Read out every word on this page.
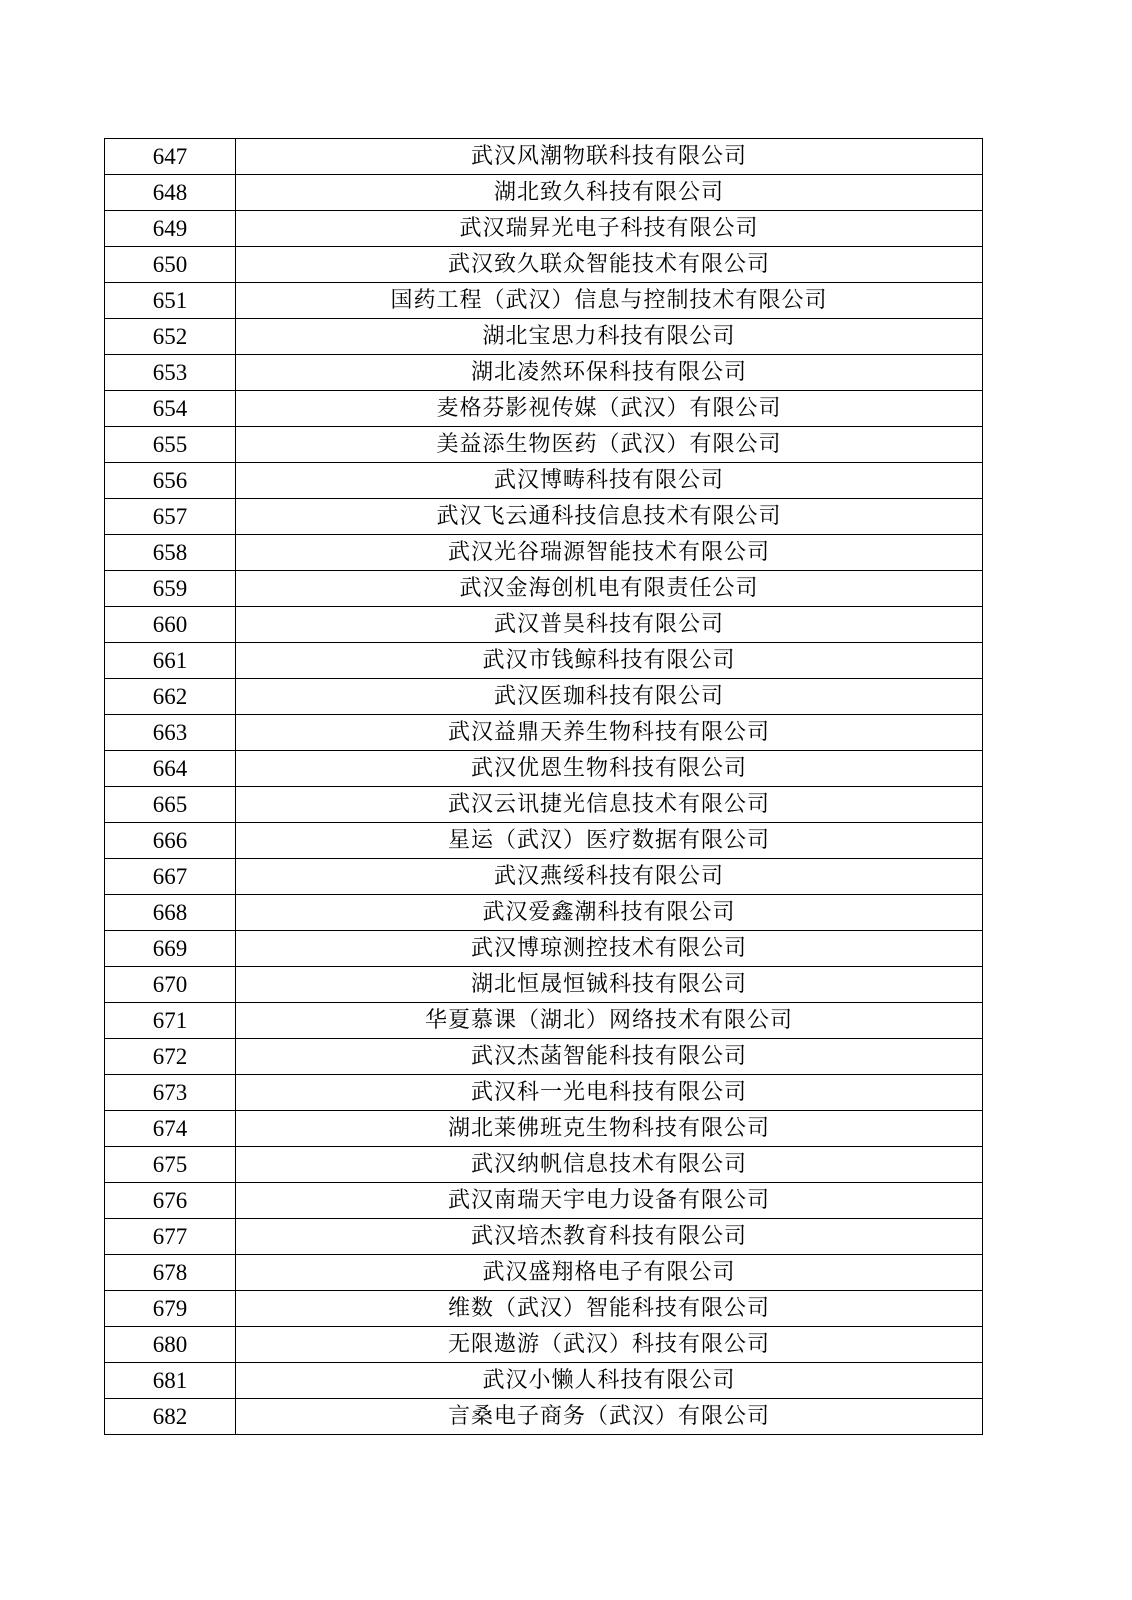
647	武汉风潮物联科技有限公司
648	湖北致久科技有限公司
649	武汉瑞昇光电子科技有限公司
650	武汉致久联众智能技术有限公司
651	国药工程（武汉）信息与控制技术有限公司
652	湖北宝思力科技有限公司
653	湖北凌然环保科技有限公司
654	麦格芬影视传媒（武汉）有限公司
655	美益添生物医药（武汉）有限公司
656	武汉博畴科技有限公司
657	武汉飞云通科技信息技术有限公司
658	武汉光谷瑞源智能技术有限公司
659	武汉金海创机电有限责任公司
660	武汉普昊科技有限公司
661	武汉市钱鲸科技有限公司
662	武汉医珈科技有限公司
663	武汉益鼎天养生物科技有限公司
664	武汉优恩生物科技有限公司
665	武汉云讯捷光信息技术有限公司
666	星运（武汉）医疗数据有限公司
667	武汉燕绥科技有限公司
668	武汉爱鑫潮科技有限公司
669	武汉博琼测控技术有限公司
670	湖北恒晟恒铖科技有限公司
671	华夏慕课（湖北）网络技术有限公司
672	武汉杰菡智能科技有限公司
673	武汉科一光电科技有限公司
674	湖北莱佛班克生物科技有限公司
675	武汉纳帆信息技术有限公司
676	武汉南瑞天宇电力设备有限公司
677	武汉培杰教育科技有限公司
678	武汉盛翔格电子有限公司
679	维数（武汉）智能科技有限公司
680	无限遨游（武汉）科技有限公司
681	武汉小懒人科技有限公司
682	言桑电子商务（武汉）有限公司
